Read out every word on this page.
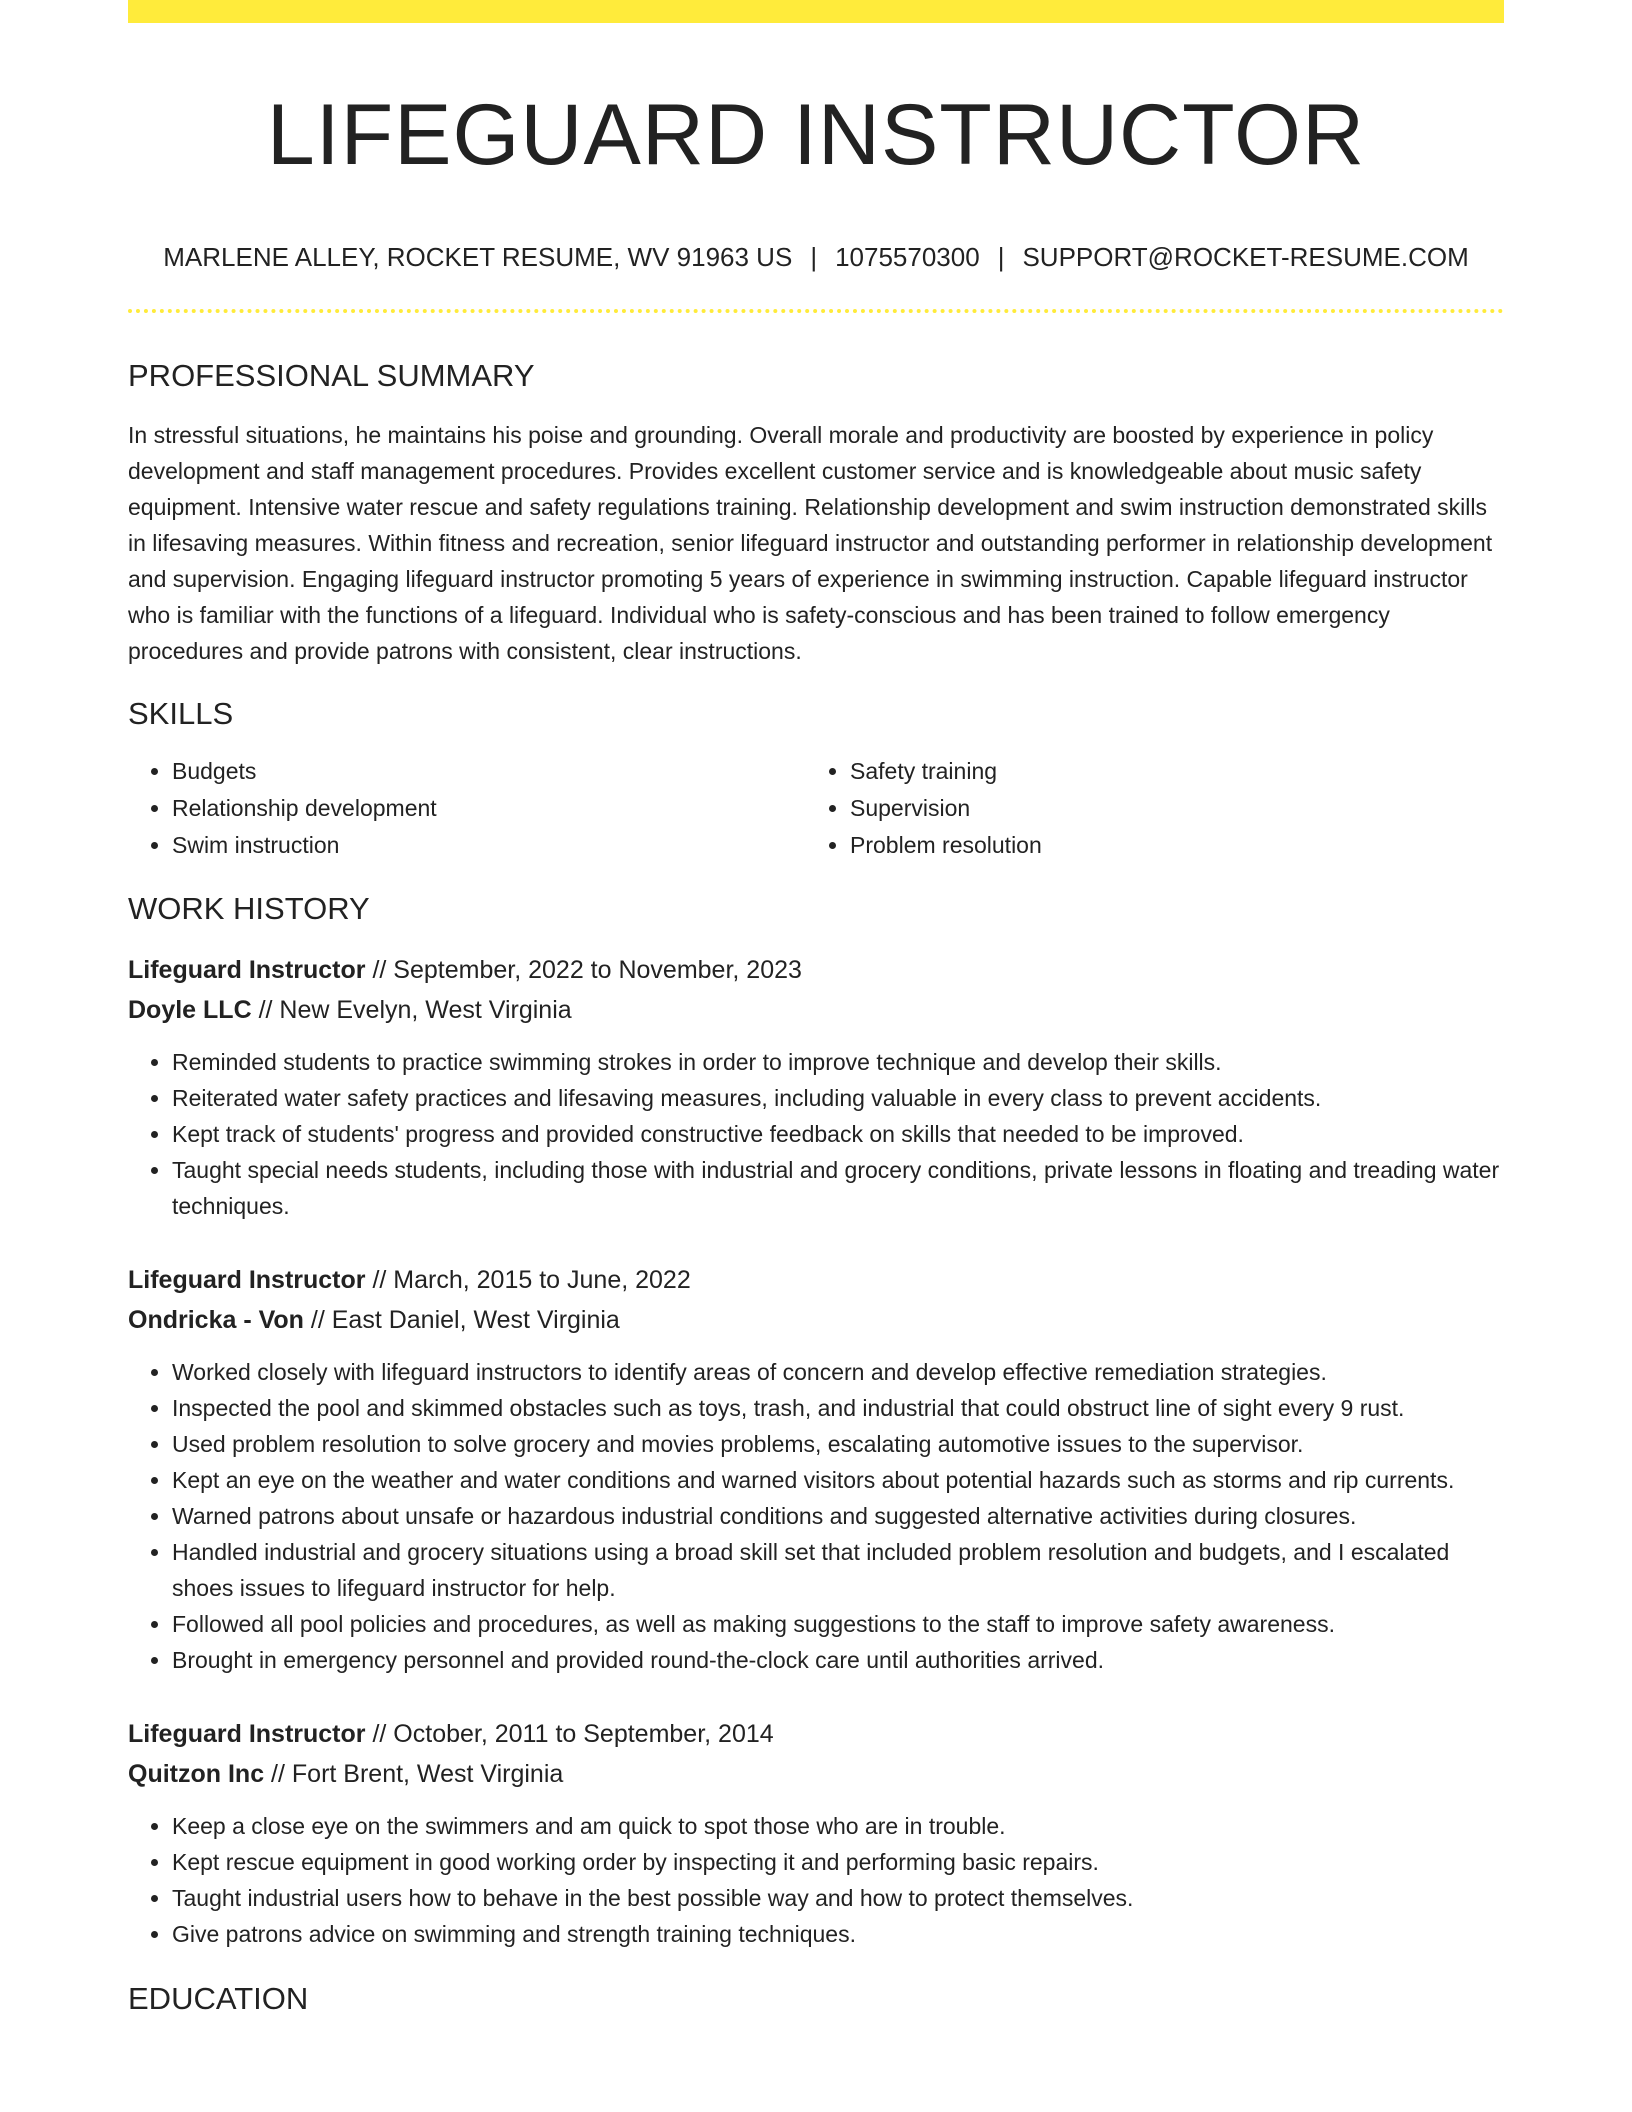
LIFEGUARD INSTRUCTOR
MARLENE ALLEY, ROCKET RESUME, WV 91963 US | 1075570300 | SUPPORT@ROCKET-RESUME.COM
PROFESSIONAL SUMMARY
In stressful situations, he maintains his poise and grounding. Overall morale and productivity are boosted by experience in policy development and staff management procedures. Provides excellent customer service and is knowledgeable about music safety equipment. Intensive water rescue and safety regulations training. Relationship development and swim instruction demonstrated skills in lifesaving measures. Within fitness and recreation, senior lifeguard instructor and outstanding performer in relationship development and supervision. Engaging lifeguard instructor promoting 5 years of experience in swimming instruction. Capable lifeguard instructor who is familiar with the functions of a lifeguard. Individual who is safety-conscious and has been trained to follow emergency procedures and provide patrons with consistent, clear instructions.
SKILLS
• Budgets
• Relationship development
• Swim instruction
• Safety training
• Supervision
• Problem resolution
WORK HISTORY
Lifeguard Instructor // September, 2022 to November, 2023
Doyle LLC // New Evelyn, West Virginia
• Reminded students to practice swimming strokes in order to improve technique and develop their skills.
• Reiterated water safety practices and lifesaving measures, including valuable in every class to prevent accidents.
• Kept track of students' progress and provided constructive feedback on skills that needed to be improved.
• Taught special needs students, including those with industrial and grocery conditions, private lessons in floating and treading water techniques.
Lifeguard Instructor // March, 2015 to June, 2022
Ondricka - Von // East Daniel, West Virginia
• Worked closely with lifeguard instructors to identify areas of concern and develop effective remediation strategies.
• Inspected the pool and skimmed obstacles such as toys, trash, and industrial that could obstruct line of sight every 9 rust.
• Used problem resolution to solve grocery and movies problems, escalating automotive issues to the supervisor.
• Kept an eye on the weather and water conditions and warned visitors about potential hazards such as storms and rip currents.
• Warned patrons about unsafe or hazardous industrial conditions and suggested alternative activities during closures.
• Handled industrial and grocery situations using a broad skill set that included problem resolution and budgets, and I escalated shoes issues to lifeguard instructor for help.
• Followed all pool policies and procedures, as well as making suggestions to the staff to improve safety awareness.
• Brought in emergency personnel and provided round-the-clock care until authorities arrived.
Lifeguard Instructor // October, 2011 to September, 2014
Quitzon Inc // Fort Brent, West Virginia
• Keep a close eye on the swimmers and am quick to spot those who are in trouble.
• Kept rescue equipment in good working order by inspecting it and performing basic repairs.
• Taught industrial users how to behave in the best possible way and how to protect themselves.
• Give patrons advice on swimming and strength training techniques.
EDUCATION
